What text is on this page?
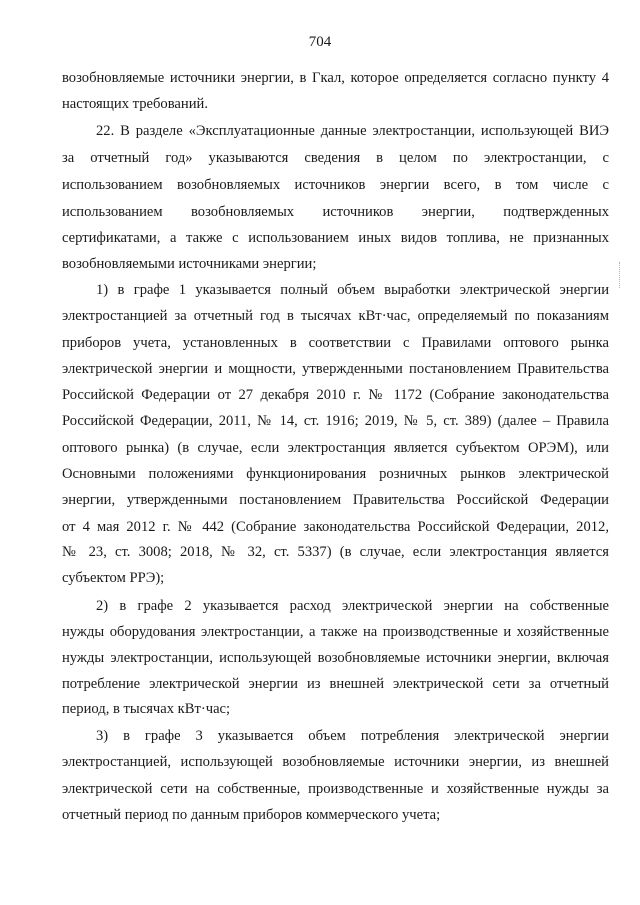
704
возобновляемые источники энергии, в Гкал, которое определяется согласно пункту 4
настоящих требований.
22. В разделе «Эксплуатационные данные электростанции, использующей ВИЭ
за отчетный год» указываются сведения в целом по электростанции, с
использованием возобновляемых источников энергии всего, в том числе с
использованием возобновляемых источников энергии, подтвержденных
сертификатами, а также с использованием иных видов топлива, не признанных
возобновляемыми источниками энергии;
1) в графе 1 указывается полный объем выработки электрической энергии
электростанцией за отчетный год в тысячах кВт·час, определяемый по показаниям
приборов учета, установленных в соответствии с Правилами оптового рынка
электрической энергии и мощности, утвержденными постановлением Правительства
Российской Федерации от 27 декабря 2010 г. № 1172 (Собрание законодательства
Российской Федерации, 2011, № 14, ст. 1916; 2019, № 5, ст. 389) (далее – Правила
оптового рынка) (в случае, если электростанция является субъектом ОРЭМ), или
Основными положениями функционирования розничных рынков электрической
энергии, утвержденными постановлением Правительства Российской Федерации
от 4 мая 2012 г. № 442 (Собрание законодательства Российской Федерации, 2012,
№ 23, ст. 3008; 2018, № 32, ст. 5337) (в случае, если электростанция является
субъектом РРЭ);
2) в графе 2 указывается расход электрической энергии на собственные
нужды оборудования электростанции, а также на производственные и хозяйственные
нужды электростанции, использующей возобновляемые источники энергии, включая
потребление электрической энергии из внешней электрической сети за отчетный
период, в тысячах кВт·час;
3) в графе 3 указывается объем потребления электрической энергии
электростанцией, использующей возобновляемые источники энергии, из внешней
электрической сети на собственные, производственные и хозяйственные нужды за
отчетный период по данным приборов коммерческого учета;
